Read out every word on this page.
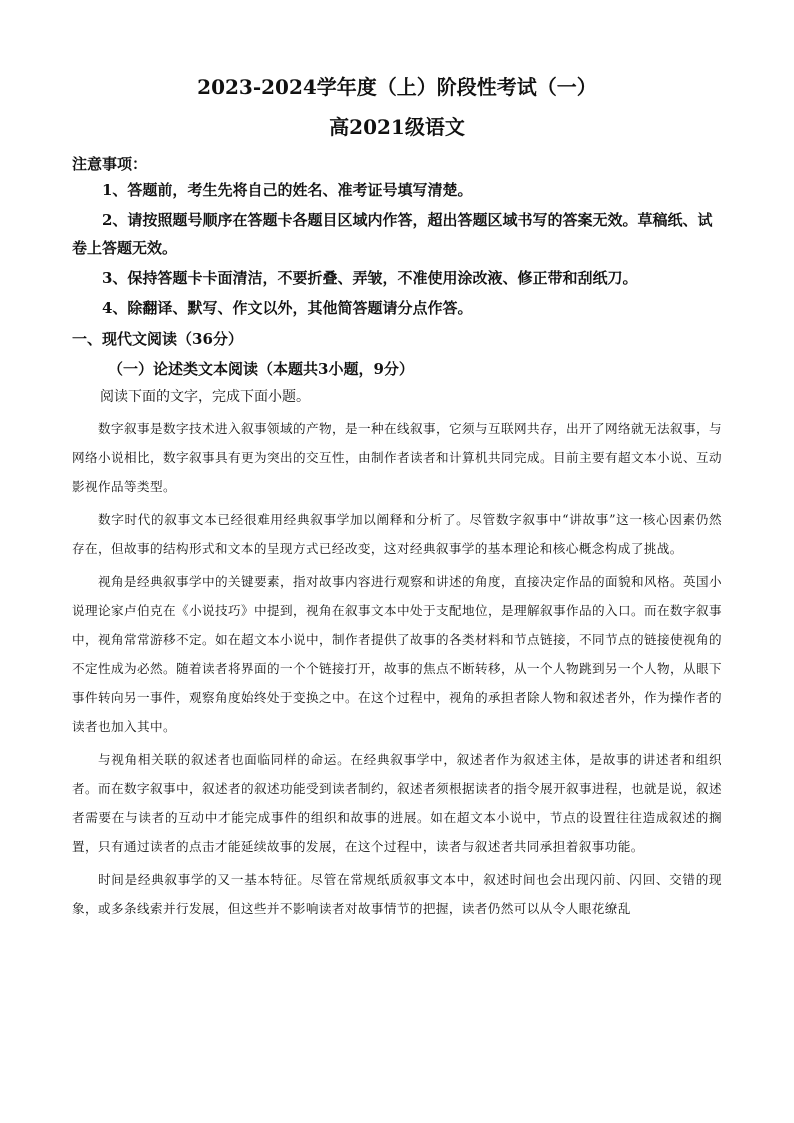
2023-2024学年度（上）阶段性考试（一）
高2021级语文
注意事项：

1、答题前，考生先将自己的姓名、准考证号填写清楚。

2、请按照题号顺序在答题卡各题目区域内作答，超出答题区域书写的答案无效。草稿纸、试卷上答题无效。

3、保持答题卡卡面清洁，不要折叠、弄皱，不准使用涂改液、修正带和刮纸刀。

4、除翻译、默写、作文以外，其他简答题请分点作答。

一、现代文阅读（36分）
（一）论述类文本阅读（本题共3小题，9分）
阅读下面的文字，完成下面小题。

数字叙事是数字技术进入叙事领域的产物，是一种在线叙事，它须与互联网共存，出开了网络就无法叙事，与网络小说相比，数字叙事具有更为突出的交互性，由制作者读者和计算机共同完成。目前主要有超文本小说、互动影视作品等类型。

数字时代的叙事文本已经很难用经典叙事学加以阐释和分析了。尽管数字叙事中“讲故事”这一核心因素仍然存在，但故事的结构形式和文本的呈现方式已经改变，这对经典叙事学的基本理论和核心概念构成了挑战。

视角是经典叙事学中的关键要素，指对故事内容进行观察和讲述的角度，直接决定作品的面貌和风格。英国小说理论家卢伯克在《小说技巧》中提到，视角在叙事文本中处于支配地位，是理解叙事作品的入口。而在数字叙事中，视角常常游移不定。如在超文本小说中，制作者提供了故事的各类材料和节点链接，不同节点的链接使视角的不定性成为必然。随着读者将界面的一个个链接打开，故事的焦点不断转移，从一个人物跳到另一个人物，从眼下事件转向另一事件，观察角度始终处于变换之中。在这个过程中，视角的承担者除人物和叙述者外，作为操作者的读者也加入其中。

与视角相关联的叙述者也面临同样的命运。在经典叙事学中，叙述者作为叙述主体，是故事的讲述者和组织者。而在数字叙事中，叙述者的叙述功能受到读者制约，叙述者须根据读者的指令展开叙事进程，也就是说，叙述者需要在与读者的互动中才能完成事件的组织和故事的进展。如在超文本小说中，节点的设置往往造成叙述的搁置，只有通过读者的点击才能延续故事的发展，在这个过程中，读者与叙述者共同承担着叙事功能。

时间是经典叙事学的又一基本特征。尽管在常规纸质叙事文本中，叙述时间也会出现闪前、闪回、交错的现象，或多条线索并行发展，但这些并不影响读者对故事情节的把握，读者仍然可以从令人眼花缭乱
